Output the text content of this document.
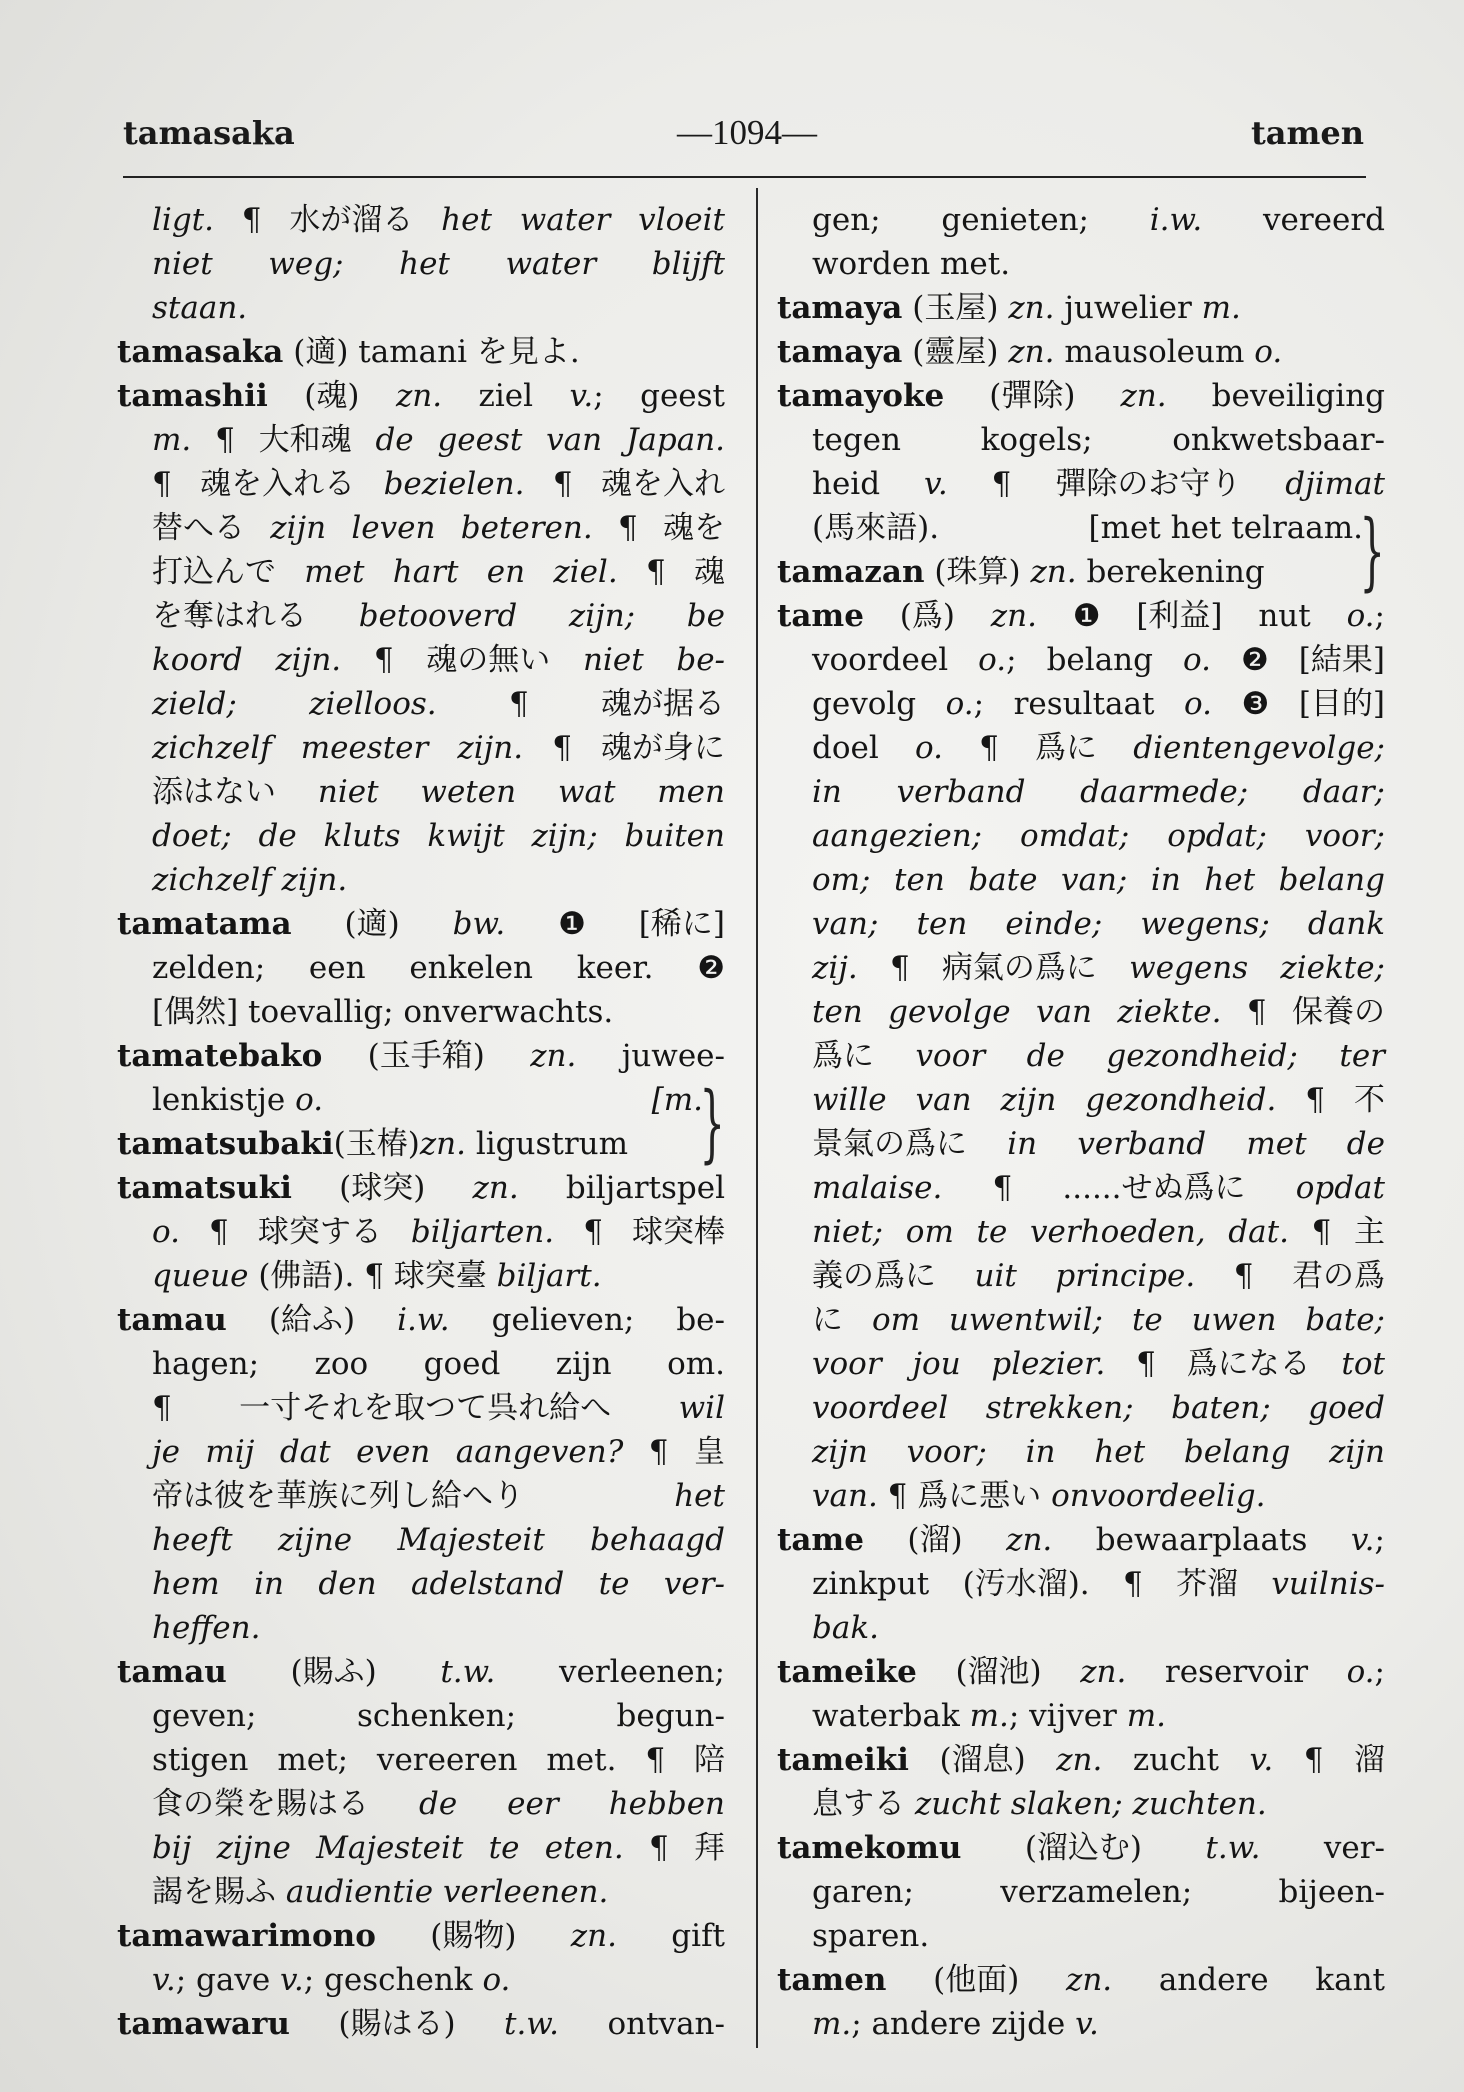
tamasaka	—1094—	tamen
ligt. ¶ 水が溜る het water vloeit
niet weg; het water blijft
staan.
tamasaka (適) tamani を見よ.
tamashii (魂) zn. ziel v.; geest
m. ¶ 大和魂 de geest van Japan.
¶ 魂を入れる bezielen. ¶ 魂を入れ
替へる zijn leven beteren. ¶ 魂を
打込んで met hart en ziel. ¶ 魂
を奪はれる betooverd zijn; be
koord zijn. ¶ 魂の無い niet be-
zield; zielloos. ¶ 魂が据る
zichzelf meester zijn. ¶ 魂が身に
添はない niet weten wat men
doet; de kluts kwijt zijn; buiten
zichzelf zijn.
tamatama (適) bw. ❶ [稀に]
zelden; een enkelen keer. ❷
[偶然] toevallig; onverwachts.
tamatebako (玉手箱) zn. juwee-
lenkistje o.	[m.
}
tamatsubaki(玉椿)zn. ligustrum
tamatsuki (球突) zn. biljartspel
o. ¶ 球突する biljarten. ¶ 球突棒
queue (佛語). ¶ 球突臺 biljart.
tamau (給ふ) i.w. gelieven; be-
hagen; zoo goed zijn om.
¶ 一寸それを取つて呉れ給へ wil
je mij dat even aangeven? ¶ 皇
帝は彼を華族に列し給へり het
heeft zijne Majesteit behaagd
hem in den adelstand te ver-
heffen.
tamau (賜ふ) t.w. verleenen;
geven; schenken; begun-
stigen met; vereeren met. ¶ 陪
食の榮を賜はる de eer hebben
bij zijne Majesteit te eten. ¶ 拜
謁を賜ふ audientie verleenen.
tamawarimono (賜物) zn. gift
v.; gave v.; geschenk o.
tamawaru (賜はる) t.w. ontvan-
gen; genieten; i.w. vereerd
worden met.
tamaya (玉屋) zn. juwelier m.
tamaya (靈屋) zn. mausoleum o.
tamayoke (彈除) zn. beveiliging
tegen kogels; onkwetsbaar-
heid v. ¶ 彈除のお守り djimat
(馬來語).	[met het telraam.
}
tamazan (珠算) zn. berekening
tame (爲) zn. ❶ [利益] nut o.;
voordeel o.; belang o. ❷ [結果]
gevolg o.; resultaat o. ❸ [目的]
doel o. ¶ 爲に dientengevolge;
in verband daarmede; daar;
aangezien; omdat; opdat; voor;
om; ten bate van; in het belang
van; ten einde; wegens; dank
zij. ¶ 病氣の爲に wegens ziekte;
ten gevolge van ziekte. ¶ 保養の
爲に voor de gezondheid; ter
wille van zijn gezondheid. ¶ 不
景氣の爲に in verband met de
malaise. ¶ ......せぬ爲に opdat
niet; om te verhoeden, dat. ¶ 主
義の爲に uit principe. ¶ 君の爲
に om uwentwil; te uwen bate;
voor jou plezier. ¶ 爲になる tot
voordeel strekken; baten; goed
zijn voor; in het belang zijn
van. ¶ 爲に悪い onvoordeelig.
tame (溜) zn. bewaarplaats v.;
zinkput (汚水溜). ¶ 芥溜 vuilnis-
bak.
tameike (溜池) zn. reservoir o.;
waterbak m.; vijver m.
tameiki (溜息) zn. zucht v. ¶ 溜
息する zucht slaken; zuchten.
tamekomu (溜込む) t.w. ver-
garen; verzamelen; bijeen-
sparen.
tamen (他面) zn. andere kant
m.; andere zijde v.
